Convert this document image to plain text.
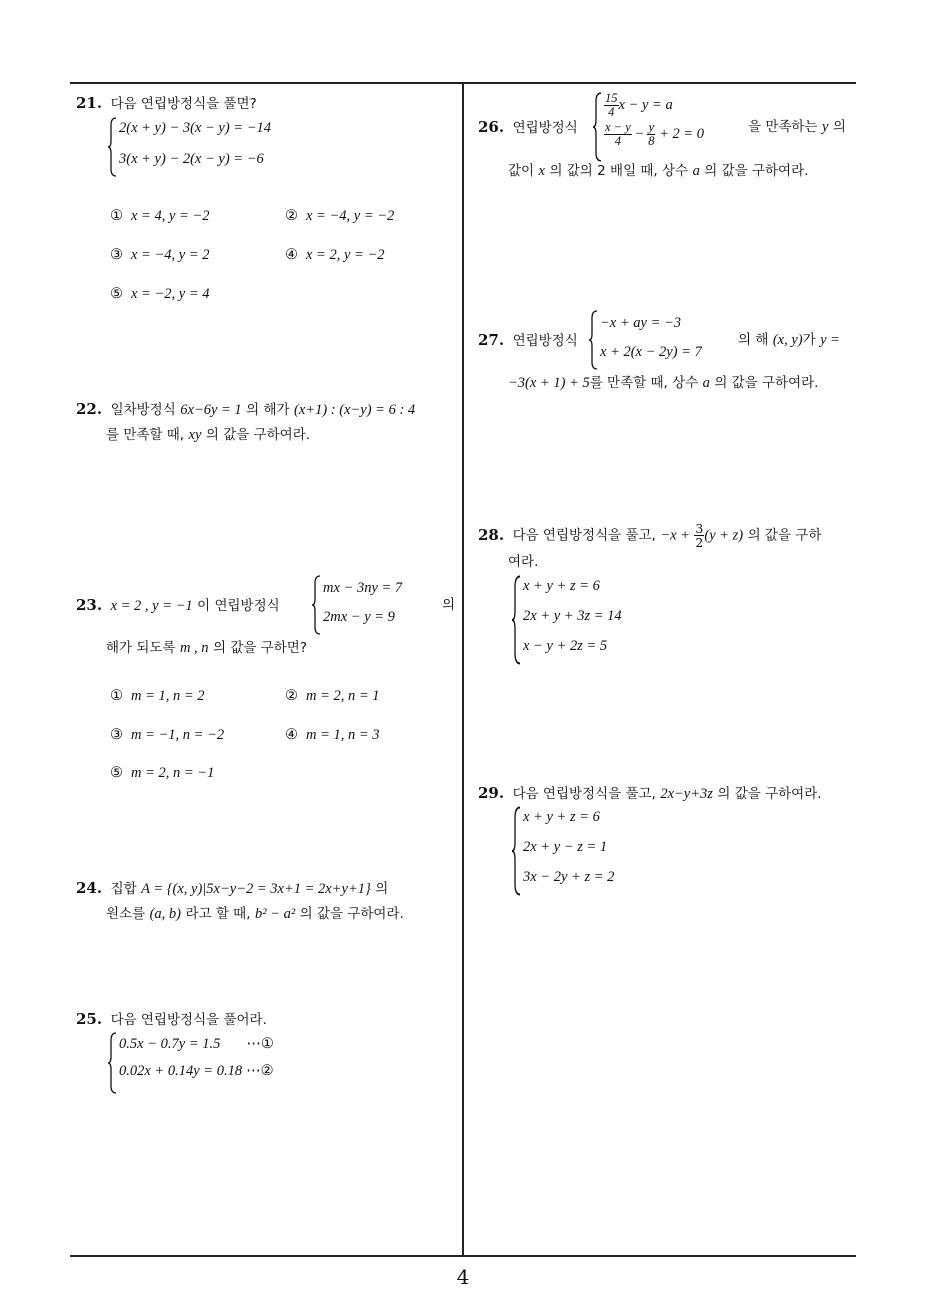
21. 다음 연립방정식을 풀면?
2(x + y) − 3(x − y) = −14
3(x + y) − 2(x − y) = −6
① x = 4, y = −2	② x = −4, y = −2
③ x = −4, y = 2	④ x = 2, y = −2
⑤ x = −2, y = 4
22. 일차방정식 6x−6y = 1 의 해가 (x+1) : (x−y) = 6 : 4
를 만족할 때, xy 의 값을 구하여라.
23. x = 2 , y = −1 이 연립방정식
mx − 3ny = 7
2mx − y = 9
의
해가 되도록 m , n 의 값을 구하면?
① m = 1, n = 2	② m = 2, n = 1
③ m = −1, n = −2	④ m = 1, n = 3
⑤ m = 2, n = −1
24. 집합 A = {(x, y)|5x−y−2 = 3x+1 = 2x+y+1} 의
원소를 (a, b) 라고 할 때, b² − a² 의 값을 구하여라.
25. 다음 연립방정식을 풀어라.
0.5x − 0.7y = 1.5 ⋯①
0.02x + 0.14y = 0.18 ⋯②
26. 연립방정식
$\frac{15}{4}$ x − y = a
$\frac{x - y}{4} - \frac{y}{8} + 2 = 0$	을 만족하는 y 의
값이 x 의 값의 2 배일 때, 상수 a 의 값을 구하여라.
27. 연립방정식
−x + ay = −3
x + 2(x − 2y) = 7
의 해 (x, y)가 y =
−3(x + 1) + 5를 만족할 때, 상수 a 의 값을 구하여라.
28. 다음 연립방정식을 풀고, $-x + \frac{3}{2} (y + z)$ 의 값을 구하
여라.
x + y + z = 6
2x + y + 3z = 14
x − y + 2z = 5
29. 다음 연립방정식을 풀고, 2x−y+3z 의 값을 구하여라.
x + y + z = 6
2x + y − z = 1
3x − 2y + z = 2
4
